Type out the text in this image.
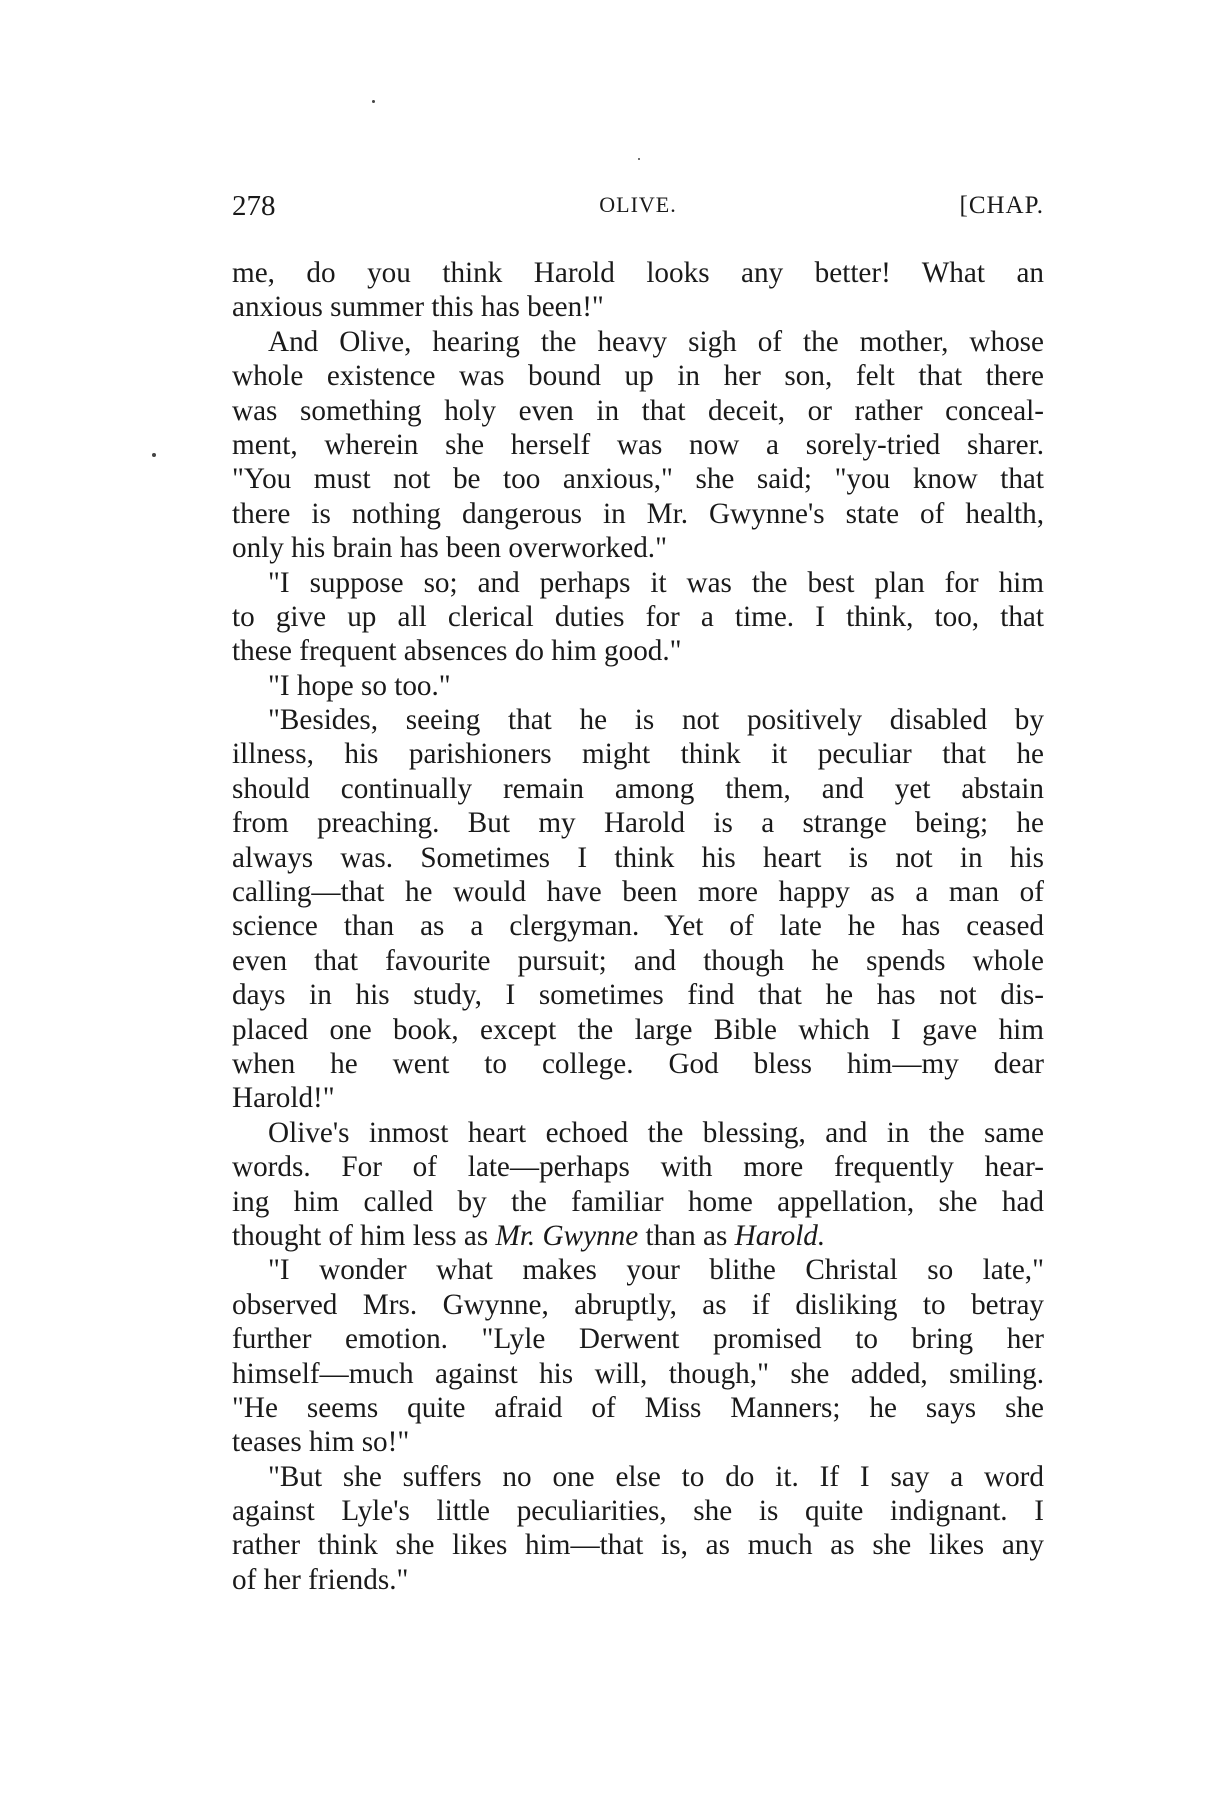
278	OLIVE.	[CHAP.
me, do you think Harold looks any better! What an
anxious summer this has been!"
And Olive, hearing the heavy sigh of the mother, whose
whole existence was bound up in her son, felt that there
was something holy even in that deceit, or rather conceal-
ment, wherein she herself was now a sorely-tried sharer.
"You must not be too anxious," she said; "you know that
there is nothing dangerous in Mr. Gwynne's state of health,
only his brain has been overworked."
"I suppose so; and perhaps it was the best plan for him
to give up all clerical duties for a time. I think, too, that
these frequent absences do him good."
"I hope so too."
"Besides, seeing that he is not positively disabled by
illness, his parishioners might think it peculiar that he
should continually remain among them, and yet abstain
from preaching. But my Harold is a strange being; he
always was. Sometimes I think his heart is not in his
calling—that he would have been more happy as a man of
science than as a clergyman. Yet of late he has ceased
even that favourite pursuit; and though he spends whole
days in his study, I sometimes find that he has not dis-
placed one book, except the large Bible which I gave him
when he went to college. God bless him—my dear
Harold!"
Olive's inmost heart echoed the blessing, and in the same
words. For of late—perhaps with more frequently hear-
ing him called by the familiar home appellation, she had
thought of him less as Mr. Gwynne than as Harold.
"I wonder what makes your blithe Christal so late,"
observed Mrs. Gwynne, abruptly, as if disliking to betray
further emotion. "Lyle Derwent promised to bring her
himself—much against his will, though," she added, smiling.
"He seems quite afraid of Miss Manners; he says she
teases him so!"
"But she suffers no one else to do it. If I say a word
against Lyle's little peculiarities, she is quite indignant. I
rather think she likes him—that is, as much as she likes any
of her friends."
